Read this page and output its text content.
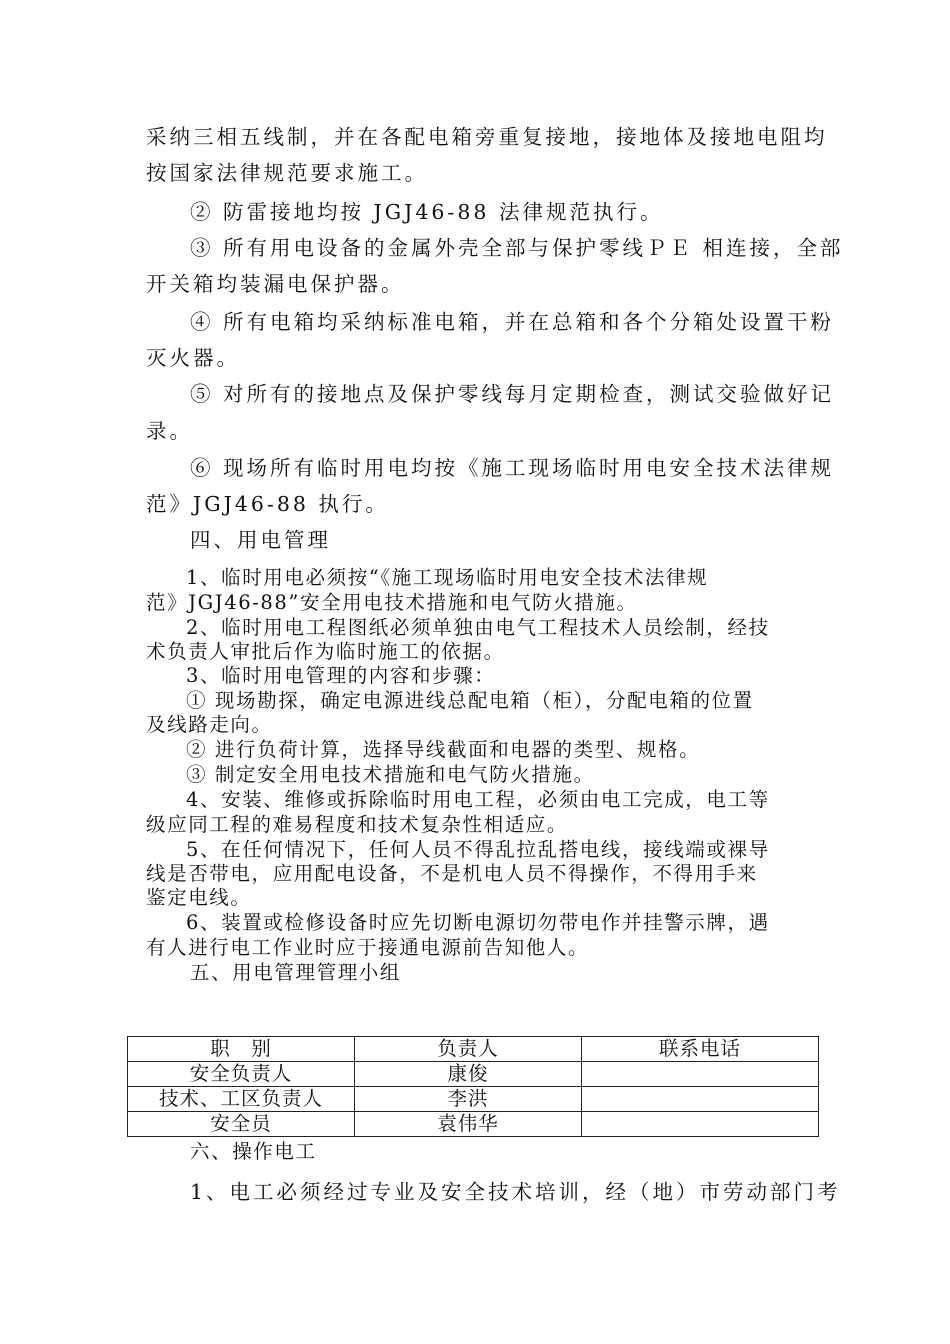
采纳三相五线制，并在各配电箱旁重复接地，接地体及接地电阻均
按国家法律规范要求施工。
② 防雷接地均按 JGJ46-88 法律规范执行。
③ 所有用电设备的金属外壳全部与保护零线ＰＥ 相连接，全部
开关箱均装漏电保护器。
④ 所有电箱均采纳标准电箱，并在总箱和各个分箱处设置干粉
灭火器。
⑤ 对所有的接地点及保护零线每月定期检查，测试交验做好记
录。
⑥ 现场所有临时用电均按《施工现场临时用电安全技术法律规
范》JGJ46-88 执行。
四、用电管理
1、临时用电必须按“《施工现场临时用电安全技术法律规
范》JGJ46-88”安全用电技术措施和电气防火措施。
2、临时用电工程图纸必须单独由电气工程技术人员绘制，经技
术负责人审批后作为临时施工的依据。
3、临时用电管理的内容和步骤：
① 现场勘探，确定电源进线总配电箱（柜），分配电箱的位置
及线路走向。
② 进行负荷计算，选择导线截面和电器的类型、规格。
③ 制定安全用电技术措施和电气防火措施。
4、安装、维修或拆除临时用电工程，必须由电工完成，电工等
级应同工程的难易程度和技术复杂性相适应。
5、在任何情况下，任何人员不得乱拉乱搭电线，接线端或裸导
线是否带电，应用配电设备，不是机电人员不得操作，不得用手来
鉴定电线。
6、装置或检修设备时应先切断电源切勿带电作并挂警示牌，遇
有人进行电工作业时应于接通电源前告知他人。
五、用电管理管理小组
职　别	负责人	联系电话
安全负责人	康俊	
技术、工区负责人	李洪	
安全员	袁伟华	
六、操作电工
1、电工必须经过专业及安全技术培训，经（地）市劳动部门考
